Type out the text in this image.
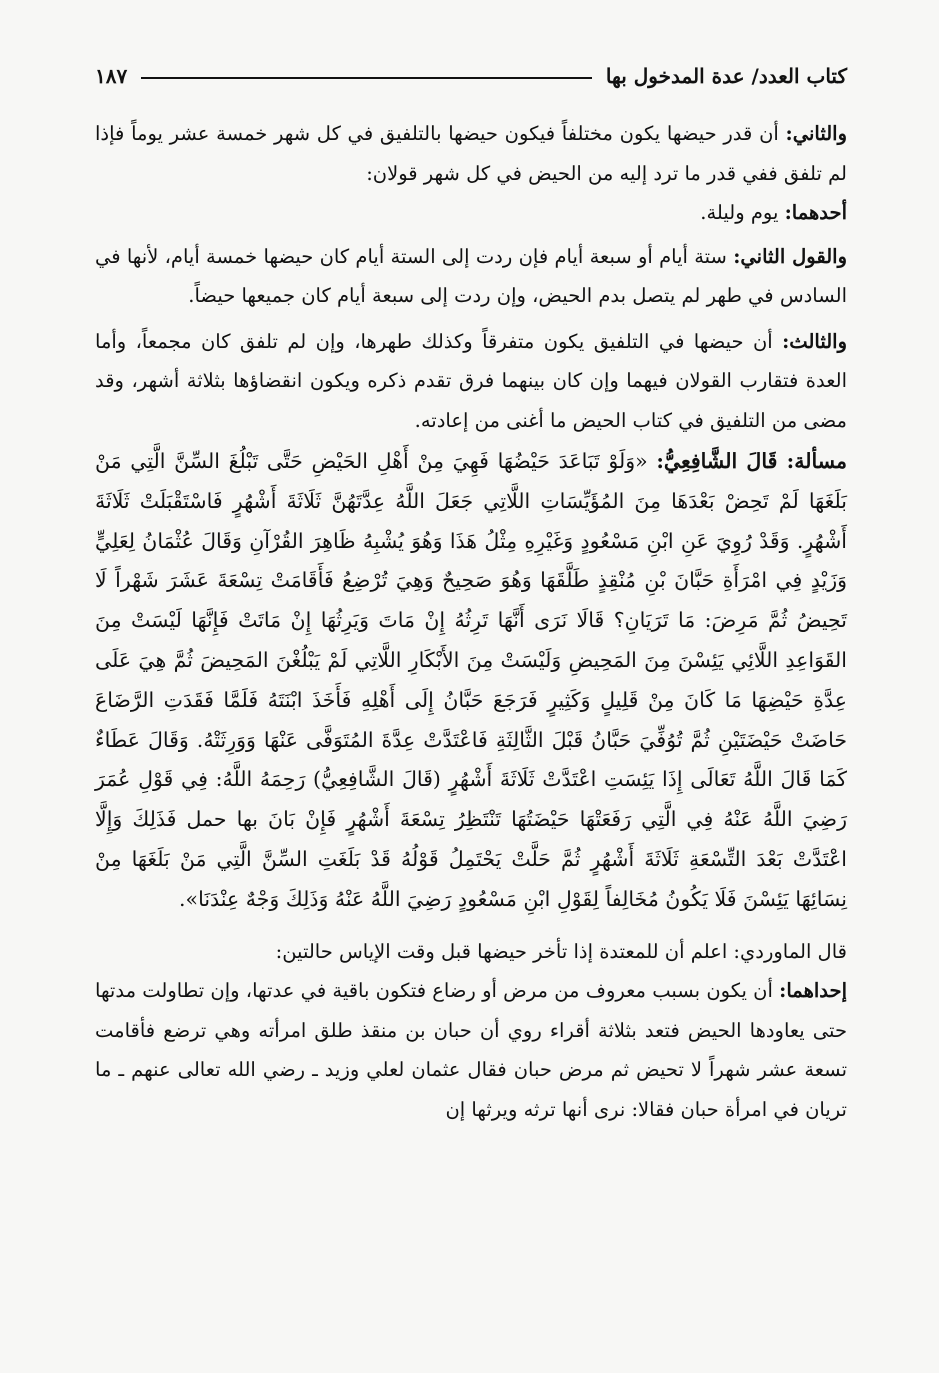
كتاب العدد/ عدة المدخول بها
١٨٧

والثاني: أن قدر حيضها يكون مختلفاً فيكون حيضها بالتلفيق في كل شهر خمسة عشر يوماً فإذا لم تلفق ففي قدر ما ترد إليه من الحيض في كل شهر قولان:

أحدهما: يوم وليلة.

والقول الثاني: ستة أيام أو سبعة أيام فإن ردت إلى الستة أيام كان حيضها خمسة أيام، لأنها في السادس في طهر لم يتصل بدم الحيض، وإن ردت إلى سبعة أيام كان جميعها حيضاً.

والثالث: أن حيضها في التلفيق يكون متفرقاً وكذلك طهرها، وإن لم تلفق كان مجمعاً، وأما العدة فتقارب القولان فيهما وإن كان بينهما فرق تقدم ذكره ويكون انقضاؤها بثلاثة أشهر، وقد مضى من التلفيق في كتاب الحيض ما أغنى من إعادته.

مسألة: قَالَ الشَّافِعِيُّ: «وَلَوْ تَبَاعَدَ حَيْضُهَا فَهِيَ مِنْ أَهْلِ الحَيْضِ حَتَّى تَبْلُغَ السِّنَّ الَّتِي مَنْ بَلَغَهَا لَمْ تَحِضْ بَعْدَهَا مِنَ المُؤَيِّسَاتِ اللَّاتِي جَعَلَ اللَّهُ عِدَّتَهُنَّ ثَلَاثَةَ أَشْهُرٍ فَاسْتَقْبَلَتْ ثَلَاثَةَ أَشْهُرٍ. وَقَدْ رُوِيَ عَنِ ابْنِ مَسْعُودٍ وَغَيْرِهِ مِثْلُ هَذَا وَهُوَ يُشْبِهُ ظَاهِرَ القُرْآنِ وَقَالَ عُثْمَانُ لِعَلِيٍّ وَزَيْدٍ فِي امْرَأَةِ حَبَّانَ بْنِ مُنْقِذٍ طَلَّقَهَا وَهُوَ صَحِيحٌ وَهِيَ تُرْضِعُ فَأَقَامَتْ تِسْعَةَ عَشَرَ شَهْراً لَا تَحِيضُ ثُمَّ مَرِضَ: مَا تَرَيَانِ؟ قَالَا نَرَى أَنَّهَا تَرِثُهُ إِنْ مَاتَ وَيَرِثُهَا إِنْ مَاتَتْ فَإِنَّهَا لَيْسَتْ مِنَ القَوَاعِدِ اللَّائِي يَئِسْنَ مِنَ المَحِيضِ وَلَيْسَتْ مِنَ الأَبْكَارِ اللَّاتِي لَمْ يَبْلُغْنَ المَحِيضَ ثُمَّ هِيَ عَلَى عِدَّةِ حَيْضِهَا مَا كَانَ مِنْ قَلِيلٍ وَكَثِيرٍ فَرَجَعَ حَبَّانُ إِلَى أَهْلِهِ فَأَخَذَ ابْنَتَهُ فَلَمَّا فَقَدَتِ الرَّضَاعَ حَاضَتْ حَيْضَتَيْنِ ثُمَّ تُوُفِّيَ حَبَّانُ قَبْلَ الثَّالِثَةِ فَاعْتَدَّتْ عِدَّةَ المُتَوَفَّى عَنْهَا وَوَرِثَتْهُ. وَقَالَ عَطَاءٌ كَمَا قَالَ اللَّهُ تَعَالَى إِذَا يَئِسَتِ اعْتَدَّتْ ثَلَاثَةَ أَشْهُرٍ (قَالَ الشَّافِعِيُّ) رَحِمَهُ اللَّهُ: فِي قَوْلِ عُمَرَ رَضِيَ اللَّهُ عَنْهُ فِي الَّتِي رَفَعَتْهَا حَيْضَتُهَا تَنْتَظِرُ تِسْعَةَ أَشْهُرٍ فَإِنْ بَانَ بها حمل فَذَلِكَ وَإِلَّا اعْتَدَّتْ بَعْدَ التِّسْعَةِ ثَلَاثَةَ أَشْهُرٍ ثُمَّ حَلَّتْ يَحْتَمِلُ قَوْلُهُ قَدْ بَلَغَتِ السِّنَّ الَّتِي مَنْ بَلَغَهَا مِنْ نِسَائِهَا يَئِسْنَ فَلَا يَكُونُ مُخَالِفاً لِقَوْلِ ابْنِ مَسْعُودٍ رَضِيَ اللَّهُ عَنْهُ وَذَلِكَ وَجْهٌ عِنْدَنَا».

قال الماوردي: اعلم أن للمعتدة إذا تأخر حيضها قبل وقت الإياس حالتين:

إحداهما: أن يكون بسبب معروف من مرض أو رضاع فتكون باقية في عدتها، وإن تطاولت مدتها حتى يعاودها الحيض فتعد بثلاثة أقراء روي أن حبان بن منقذ طلق امرأته وهي ترضع فأقامت تسعة عشر شهراً لا تحيض ثم مرض حبان فقال عثمان لعلي وزيد ـ رضي الله تعالى عنهم ـ ما تريان في امرأة حبان فقالا: نرى أنها ترثه ويرثها إن
